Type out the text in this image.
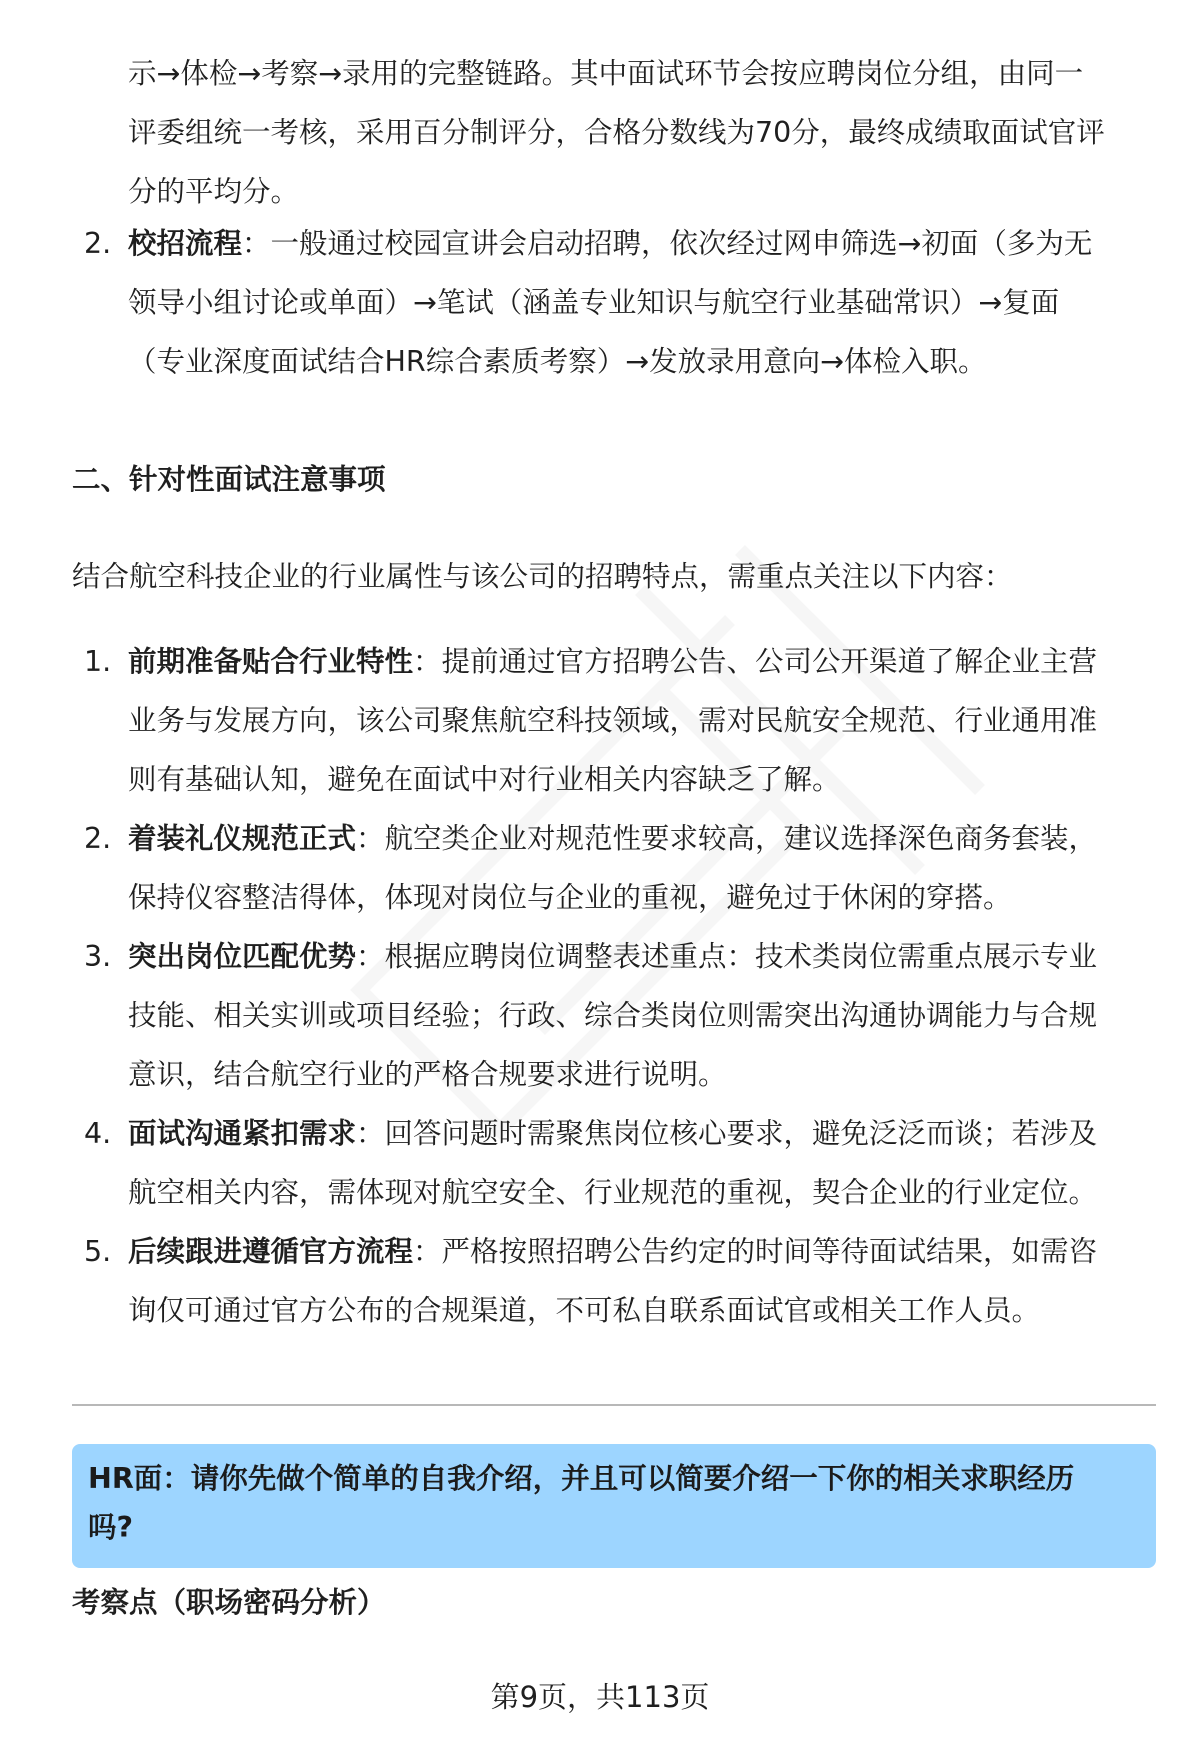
示→体检→考察→录用的完整链路。其中面试环节会按应聘岗位分组，由同一

评委组统一考核，采用百分制评分，合格分数线为70分，最终成绩取面试官评

分的平均分。

2. 校招流程：一般通过校园宣讲会启动招聘，依次经过网申筛选→初面（多为无
领导小组讨论或单面）→笔试（涵盖专业知识与航空行业基础常识）→复面
（专业深度面试结合HR综合素质考察）→发放录用意向→体检入职。
二、针对性面试注意事项

结合航空科技企业的行业属性与该公司的招聘特点，需重点关注以下内容：

1. 前期准备贴合行业特性：提前通过官方招聘公告、公司公开渠道了解企业主营
业务与发展方向，该公司聚焦航空科技领域，需对民航安全规范、行业通用准
则有基础认知，避免在面试中对行业相关内容缺乏了解。
2. 着装礼仪规范正式：航空类企业对规范性要求较高，建议选择深色商务套装，
保持仪容整洁得体，体现对岗位与企业的重视，避免过于休闲的穿搭。
3. 突出岗位匹配优势：根据应聘岗位调整表述重点：技术类岗位需重点展示专业
技能、相关实训或项目经验；行政、综合类岗位则需突出沟通协调能力与合规
意识，结合航空行业的严格合规要求进行说明。
4. 面试沟通紧扣需求：回答问题时需聚焦岗位核心要求，避免泛泛而谈；若涉及
航空相关内容，需体现对航空安全、行业规范的重视，契合企业的行业定位。
5. 后续跟进遵循官方流程：严格按照招聘公告约定的时间等待面试结果，如需咨
询仅可通过官方公布的合规渠道，不可私自联系面试官或相关工作人员。

HR面：请你先做个简单的自我介绍，并且可以简要介绍一下你的相关求职经历
吗?

考察点（职场密码分析）
第9页，共113页
